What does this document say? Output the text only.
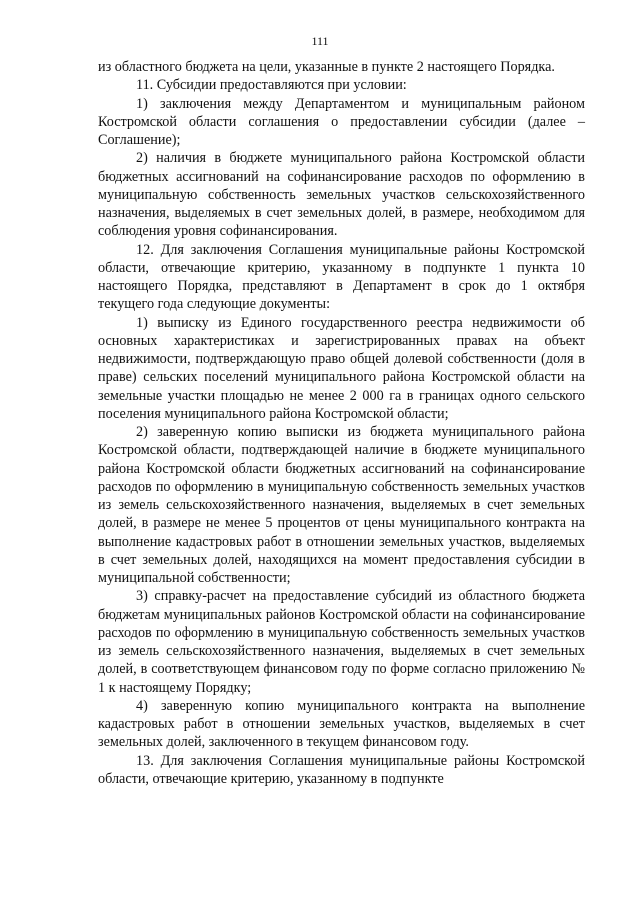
111

из областного бюджета на цели, указанные в пункте 2 настоящего Порядка.

11. Субсидии предоставляются при условии:

1) заключения между Департаментом и муниципальным районом Костромской области соглашения о предоставлении субсидии (далее – Соглашение);

2) наличия в бюджете муниципального района Костромской области бюджетных ассигнований на софинансирование расходов по оформлению в муниципальную собственность земельных участков сельскохозяйственного назначения, выделяемых в счет земельных долей, в размере, необходимом для соблюдения уровня софинансирования.

12. Для заключения Соглашения муниципальные районы Костромской области, отвечающие критерию, указанному в подпункте 1 пункта 10 настоящего Порядка, представляют в Департамент в срок до 1 октября текущего года следующие документы:

1) выписку из Единого государственного реестра недвижимости об основных характеристиках и зарегистрированных правах на объект недвижимости, подтверждающую право общей долевой собственности (доля в праве) сельских поселений муниципального района Костромской области на земельные участки площадью не менее 2 000 га в границах одного сельского поселения муниципального района Костромской области;

2) заверенную копию выписки из бюджета муниципального района Костромской области, подтверждающей наличие в бюджете муниципального района Костромской области бюджетных ассигнований на софинансирование расходов по оформлению в муниципальную собственность земельных участков из земель сельскохозяйственного назначения, выделяемых в счет земельных долей, в размере не менее 5 процентов от цены муниципального контракта на выполнение кадастровых работ в отношении земельных участков, выделяемых в счет земельных долей, находящихся на момент предоставления субсидии в муниципальной собственности;

3) справку-расчет на предоставление субсидий из областного бюджета бюджетам муниципальных районов Костромской области на софинансирование расходов по оформлению в муниципальную собственность земельных участков из земель сельскохозяйственного назначения, выделяемых в счет земельных долей, в соответствующем финансовом году по форме согласно приложению № 1 к настоящему Порядку;

4) заверенную копию муниципального контракта на выполнение кадастровых работ в отношении земельных участков, выделяемых в счет земельных долей, заключенного в текущем финансовом году.

13. Для заключения Соглашения муниципальные районы Костромской области, отвечающие критерию, указанному в подпункте
